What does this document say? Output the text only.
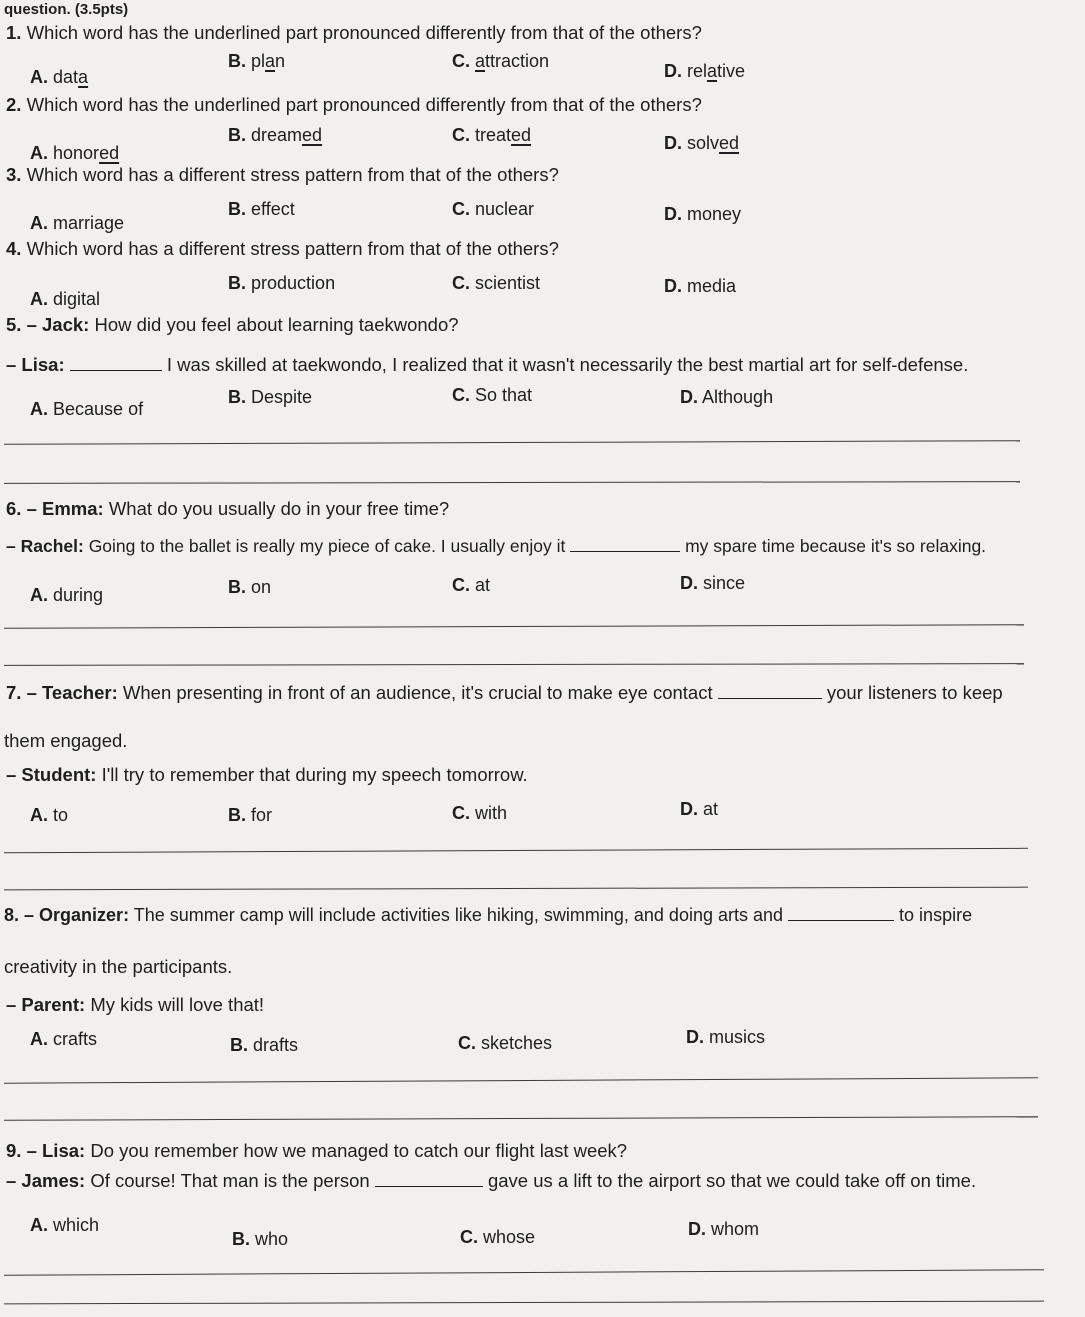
question. (3.5pts)
1. Which word has the underlined part pronounced differently from that of the others?
A. data
B. plan	C. attraction	D. relative
2. Which word has the underlined part pronounced differently from that of the others?
A. honored
B. dreamed	C. treated	D. solved
3. Which word has a different stress pattern from that of the others?
A. marriage
B. effect	C. nuclear	D. money
4. Which word has a different stress pattern from that of the others?
A. digital
B. production	C. scientist	D. media
5. – Jack: How did you feel about learning taekwondo?
– Lisa:	I was skilled at taekwondo, I realized that it wasn't necessarily the best martial art for self-defense.
A. Because of
B. Despite	C. So that	D. Although
6. – Emma: What do you usually do in your free time?
– Rachel: Going to the ballet is really my piece of cake. I usually enjoy it	my spare time because it's so relaxing.
A. during	B. on	C. at	D. since
7. – Teacher: When presenting in front of an audience, it's crucial to make eye contact	your listeners to keep
them engaged.
– Student: I'll try to remember that during my speech tomorrow.
A. to	B. for	C. with	D. at
8. – Organizer: The summer camp will include activities like hiking, swimming, and doing arts and	to inspire
creativity in the participants.
– Parent: My kids will love that!
A. crafts	B. drafts	C. sketches	D. musics
9. – Lisa: Do you remember how we managed to catch our flight last week?
– James: Of course! That man is the person	gave us a lift to the airport so that we could take off on time.
A. which
B. who	C. whose	D. whom
